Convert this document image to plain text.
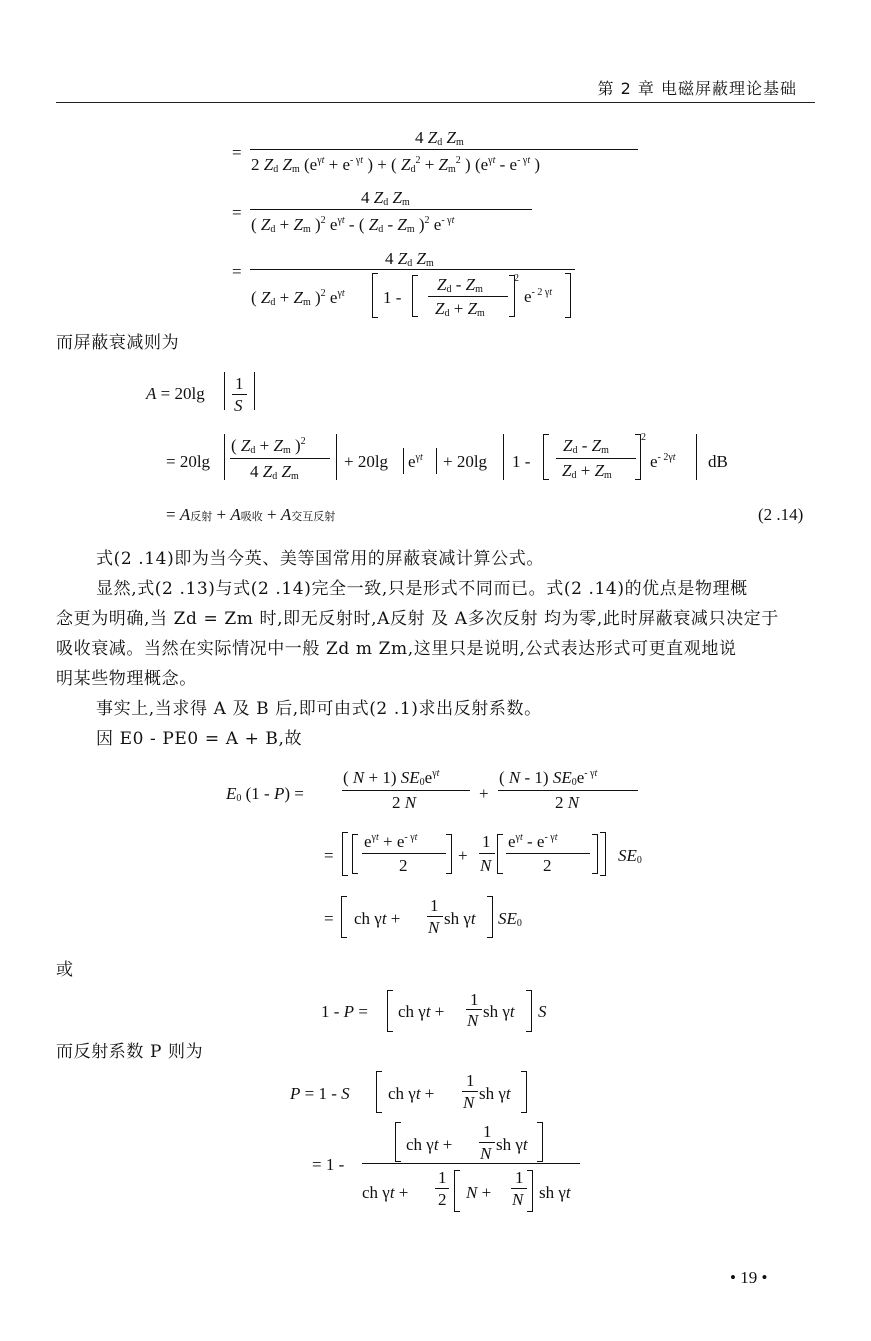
第 2 章 电磁屏蔽理论基础
=
4 $Z_d$ $Z_m$
2 $Z_d$ $Z_m$ ($e^{\gamma t} + e^{- \gamma t}$ ) + ( $Z_d^2 + Z_m^2$ ) ($e^{\gamma t} - e^{- \gamma t}$ )
=
4 $Z_d$ $Z_m$
( $Z_d + Z_m$ )$^2$ $e^{\gamma t}$ - ( $Z_d - Z_m$ )$^2$ $e^{- \gamma t}$
=
4 $Z_d$ $Z_m$
( $Z_d + Z_m$ )$^2$ $e^{\gamma t}$ 1 -
$Z_d - Z_m$
$Z_d + Z_m$
2
$e^{- 2 \gamma t}$
而屏蔽衰减则为
A = 20lg
1
S
= 20lg
( $Z_d + Z_m$ )$^2$
4 $Z_d$ $Z_m$
+ 20lg $e^{\gamma t} + 20\lg$ 1 -
$Z_d - Z_m$
$Z_d + Z_m$
2
$e^{- 2\gamma t}$ dB
= A反射 + A吸收 + A交互反射	(2 .14)
式(2 .14)即为当今英、美等国常用的屏蔽衰减计算公式。
显然,式(2 .13)与式(2 .14)完全一致,只是形式不同而已。式(2 .14)的优点是物理概
念更为明确,当 Zd = Zm 时,即无反射时,A反射 及 A多次反射 均为零,此时屏蔽衰减只决定于
吸收衰减。当然在实际情况中一般 Zd m Zm,这里只是说明,公式表达形式可更直观地说
明某些物理概念。
事实上,当求得 A 及 B 后,即可由式(2 .1)求出反射系数。
因 E0 - PE0 = A + B,故
$E_0$ (1 - P) =
( N + 1) $SE_0e^{\gamma t}$
2 N	+
( N - 1) $SE_0e^{- \gamma t}$
2 N
=
$e^{\gamma t} + e^{- \gamma t}$
2
+
1
N
$e^{\gamma t} - e^{- \gamma t}$
2
$SE_0$
= ch γt +
1
N sh γt $SE_0$
或
1 - P = ch γt +
1
N sh γt S
而反射系数 P 则为
P = 1 - S ch γt +
1
N sh γt
= 1 -
ch γt +
1
N sh γt
ch γt +
1
2 N +
1
N sh γt
• 19 •
